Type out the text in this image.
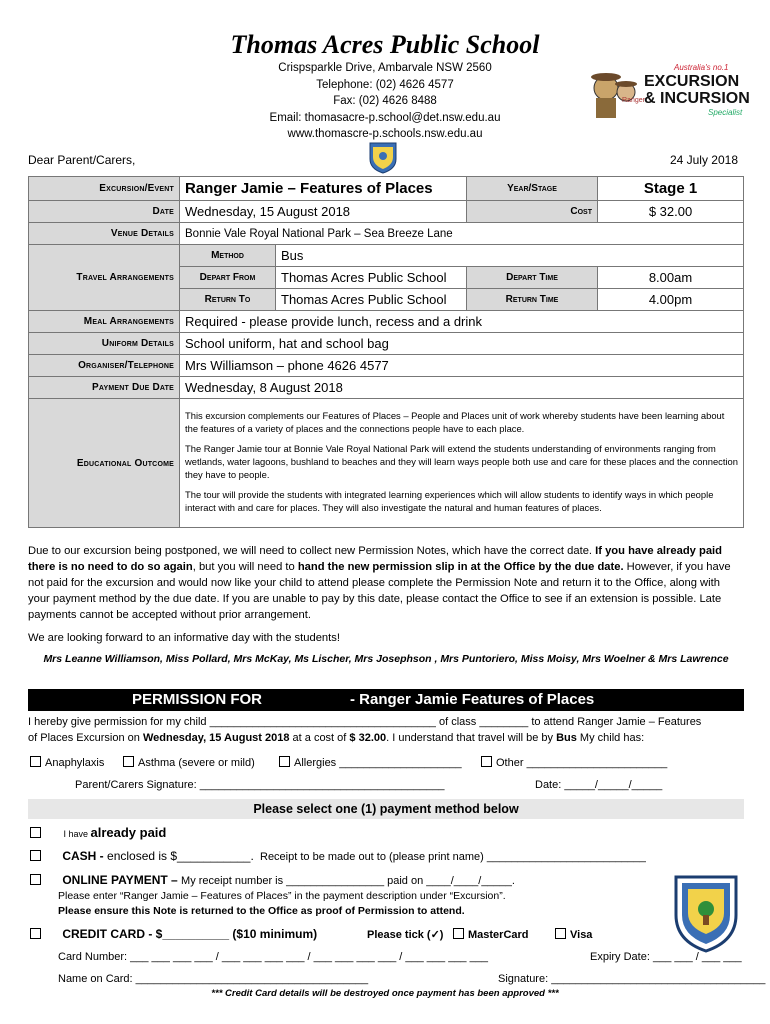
Thomas Acres Public School
Crispsparkle Drive, Ambarvale NSW 2560
Telephone: (02) 4626 4577
Fax: (02) 4626 8488
Email: thomasacre-p.school@det.nsw.edu.au
www.thomascre-p.schools.nsw.edu.au
Australia's no.1
EXCURSION
& INCURSION
Specialist
Ranger
Dear Parent/Carers,	24 July 2018
Excursion/Event	Ranger Jamie – Features of Places		Year/Stage	Stage 1
Date	Wednesday, 15 August 2018		Cost	$ 32.00
Venue Details	Bonnie Vale Royal National Park – Sea Breeze Lane			
Travel Arrangements	Method	Bus		
	Depart From	Thomas Acres Public School	Depart Time	8.00am
	Return To	Thomas Acres Public School	Return Time	4.00pm
Meal Arrangements	Required - please provide lunch, recess and a drink			
Uniform Details	School uniform, hat and school bag			
Organiser/Telephone	Mrs Williamson – phone 4626 4577			
Payment Due Date	Wednesday, 8 August 2018			
Educational Outcome	This excursion complements our Features of Places – People and Places unit of work whereby students have been learning about the features of a variety of places and the connections people have to each place.

The Ranger Jamie tour at Bonnie Vale Royal National Park will extend the students understanding of environments ranging from wetlands, water lagoons, bushland to beaches and they will learn ways people both use and care for these places and the connection they have to people.

The tour will provide the students with integrated learning experiences which will allow students to identify ways in which people interact with and care for places. They will also investigate the natural and human features of places.			

Due to our excursion being postponed, we will need to collect new Permission Notes, which have the correct date. If you have already paid there is no need to do so again, but you will need to hand the new permission slip in at the Office by the due date. However, if you have not paid for the excursion and would now like your child to attend please complete the Permission Note and return it to the Office, along with your payment method by the due date. If you are unable to pay by this date, please contact the Office to see if an extension is possible. Late payments cannot be accepted without prior arrangement.
We are looking forward to an informative day with the students!
Mrs Leanne Williamson, Miss Pollard, Mrs McKay, Ms Lischer, Mrs Josephson , Mrs Puntoriero, Miss Moisy, Mrs Woelner & Mrs Lawrence
PERMISSION FOR	- Ranger Jamie Features of Places
I hereby give permission for my child _____________________________________ of class ________ to attend Ranger Jamie – Features
of Places Excursion on Wednesday, 15 August 2018 at a cost of $ 32.00. I understand that travel will be by Bus My child has:
Anaphylaxis	Asthma (severe or mild)	Allergies ____________________	Other _______________________
Parent/Carers Signature: ________________________________________	Date: _____/_____/_____
Please select one (1) payment method below
I have already paid
CASH - enclosed is $___________. Receipt to be made out to (please print name) __________________________
ONLINE PAYMENT – My receipt number is ________________ paid on ____/____/_____.
Please enter “Ranger Jamie – Features of Places” in the payment description under “Excursion”.
Please ensure this Note is returned to the Office as proof of Permission to attend.
CREDIT CARD - $__________ ($10 minimum)	Please tick (✓)	MasterCard	Visa
Card Number: ___ ___ ___ ___ / ___ ___ ___ ___ / ___ ___ ___ ___ / ___ ___ ___ ___	Expiry Date: ___ ___ / ___ ___
Name on Card: ______________________________________	Signature: ___________________________________
*** Credit Card details will be destroyed once payment has been approved ***
